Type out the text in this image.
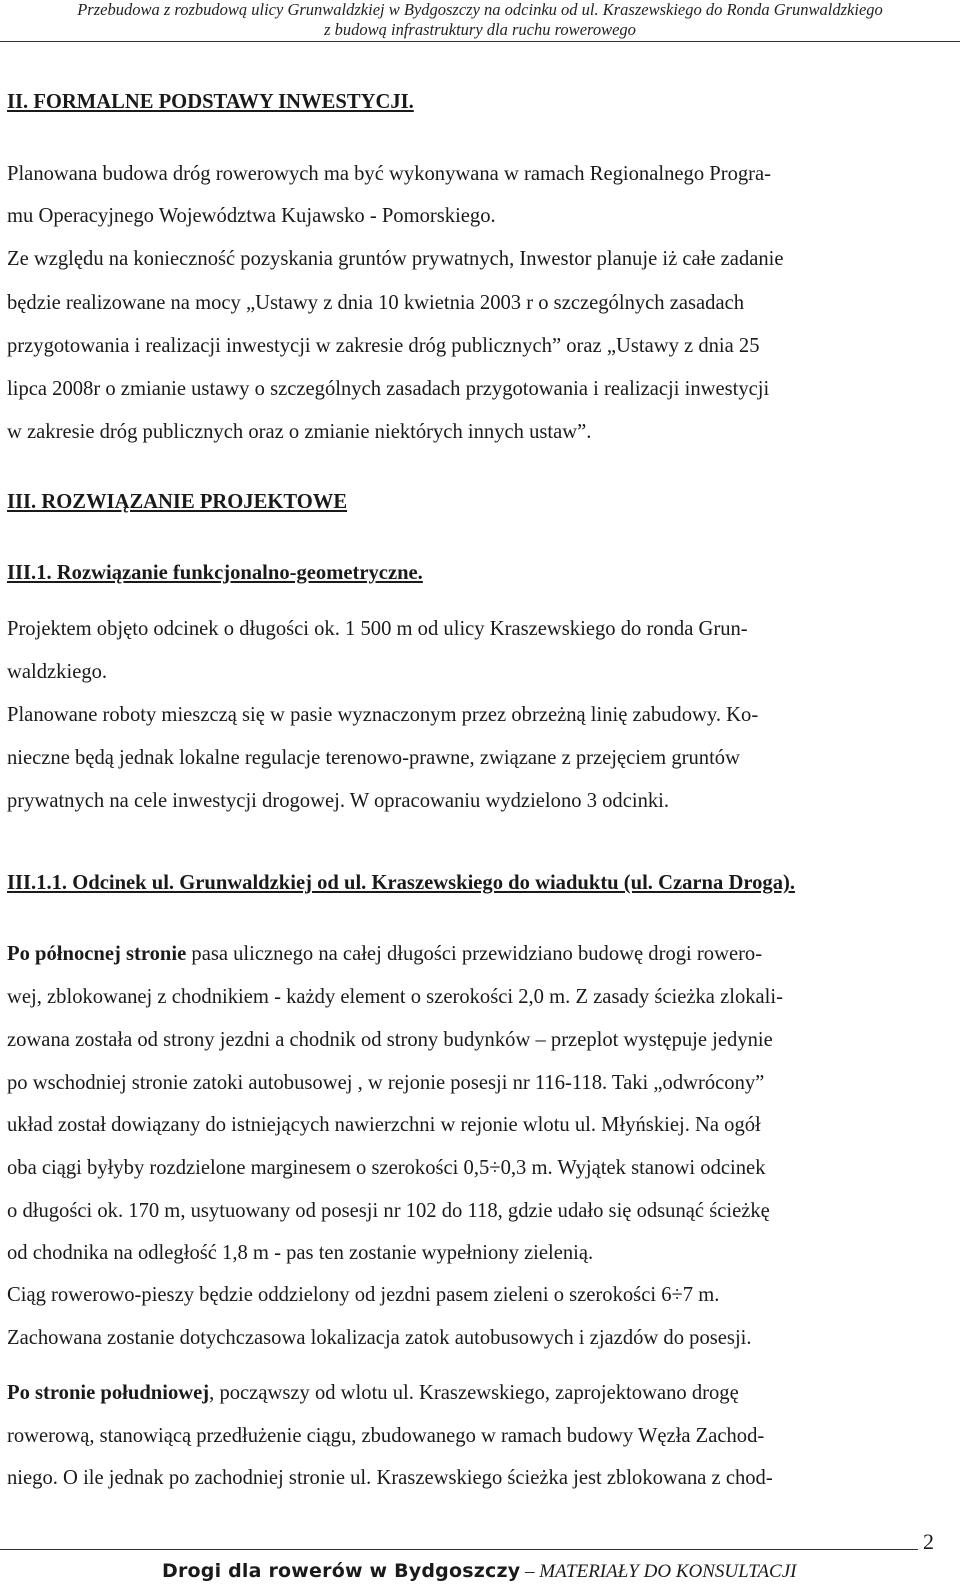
Przebudowa z rozbudową ulicy Grunwaldzkiej w Bydgoszczy na odcinku od ul. Kraszewskiego do Ronda Grunwaldzkiego
z budową infrastruktury dla ruchu rowerowego
II. FORMALNE PODSTAWY INWESTYCJI.
Planowana budowa dróg rowerowych ma być wykonywana w ramach Regionalnego Progra-
mu Operacyjnego Województwa Kujawsko - Pomorskiego.
Ze względu na konieczność pozyskania gruntów prywatnych, Inwestor planuje iż całe zadanie
będzie realizowane na mocy „Ustawy z dnia 10 kwietnia 2003 r o szczególnych zasadach
przygotowania i realizacji inwestycji w zakresie dróg publicznych” oraz „Ustawy z dnia 25
lipca 2008r o zmianie ustawy o szczególnych zasadach przygotowania i realizacji inwestycji
w zakresie dróg publicznych oraz o zmianie niektórych innych ustaw”.
III. ROZWIĄZANIE PROJEKTOWE
III.1. Rozwiązanie funkcjonalno-geometryczne.
Projektem objęto odcinek o długości ok. 1 500 m od ulicy Kraszewskiego do ronda Grun-
waldzkiego.
Planowane roboty mieszczą się w pasie wyznaczonym przez obrzeżną linię zabudowy. Ko-
nieczne będą jednak lokalne regulacje terenowo-prawne, związane z przejęciem gruntów
prywatnych na cele inwestycji drogowej. W opracowaniu wydzielono 3 odcinki.
III.1.1. Odcinek ul. Grunwaldzkiej od ul. Kraszewskiego do wiaduktu (ul. Czarna Droga).
Po północnej stronie pasa ulicznego na całej długości przewidziano budowę drogi rowero-
wej, zblokowanej z chodnikiem - każdy element o szerokości 2,0 m. Z zasady ścieżka zlokali-
zowana została od strony jezdni a chodnik od strony budynków – przeplot występuje jedynie
po wschodniej stronie zatoki autobusowej , w rejonie posesji nr 116-118. Taki „odwrócony”
układ został dowiązany do istniejących nawierzchni w rejonie wlotu ul. Młyńskiej. Na ogół
oba ciągi byłyby rozdzielone marginesem o szerokości 0,5÷0,3 m. Wyjątek stanowi odcinek
o długości ok. 170 m, usytuowany od posesji nr 102 do 118, gdzie udało się odsunąć ścieżkę
od chodnika na odległość 1,8 m - pas ten zostanie wypełniony zielenią.
Ciąg rowerowo-pieszy będzie oddzielony od jezdni pasem zieleni o szerokości 6÷7 m.
Zachowana zostanie dotychczasowa lokalizacja zatok autobusowych i zjazdów do posesji.
Po stronie południowej, począwszy od wlotu ul. Kraszewskiego, zaprojektowano drogę
rowerową, stanowiącą przedłużenie ciągu, zbudowanego w ramach budowy Węzła Zachod-
niego. O ile jednak po zachodniej stronie ul. Kraszewskiego ścieżka jest zblokowana z chod-
2
Drogi dla rowerów w Bydgoszczy – MATERIAŁY DO KONSULTACJI
